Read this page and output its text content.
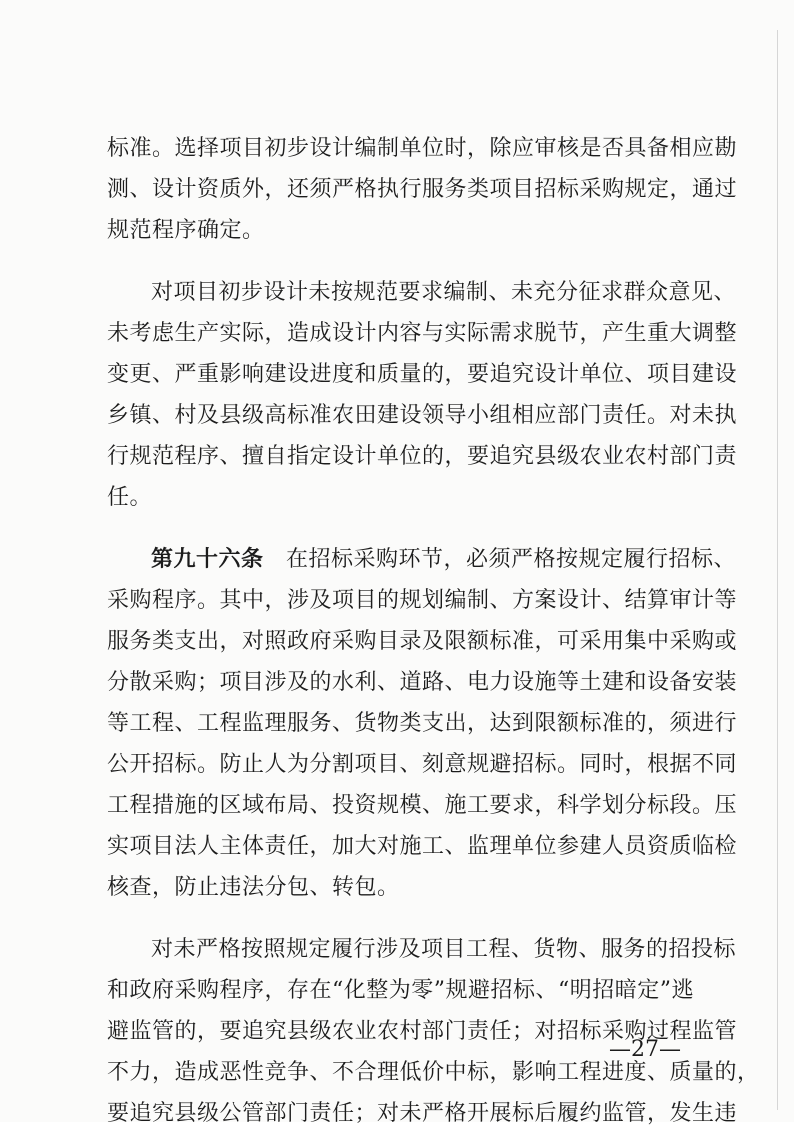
标准。选择项目初步设计编制单位时，除应审核是否具备相应勘
测、设计资质外，还须严格执行服务类项目招标采购规定，通过
规范程序确定。
对项目初步设计未按规范要求编制、未充分征求群众意见、
未考虑生产实际，造成设计内容与实际需求脱节，产生重大调整
变更、严重影响建设进度和质量的，要追究设计单位、项目建设
乡镇、村及县级高标准农田建设领导小组相应部门责任。对未执
行规范程序、擅自指定设计单位的，要追究县级农业农村部门责
任。
第九十六条　 在招标采购环节，必须严格按规定履行招标、
采购程序。其中，涉及项目的规划编制、方案设计、结算审计等
服务类支出，对照政府采购目录及限额标准，可采用集中采购或
分散采购；项目涉及的水利、道路、电力设施等土建和设备安装
等工程、工程监理服务、货物类支出，达到限额标准的，须进行
公开招标。防止人为分割项目、刻意规避招标。同时，根据不同
工程措施的区域布局、投资规模、施工要求，科学划分标段。压
实项目法人主体责任，加大对施工、监理单位参建人员资质临检
核查，防止违法分包、转包。
对未严格按照规定履行涉及项目工程、货物、服务的招投标
和政府采购程序，存在“化整为零”规避招标、“明招暗定”逃
避监管的，要追究县级农业农村部门责任；对招标采购过程监管
不力，造成恶性竞争、不合理低价中标，影响工程进度、质量的，
要追究县级公管部门责任；对未严格开展标后履约监管，发生违
—27—
